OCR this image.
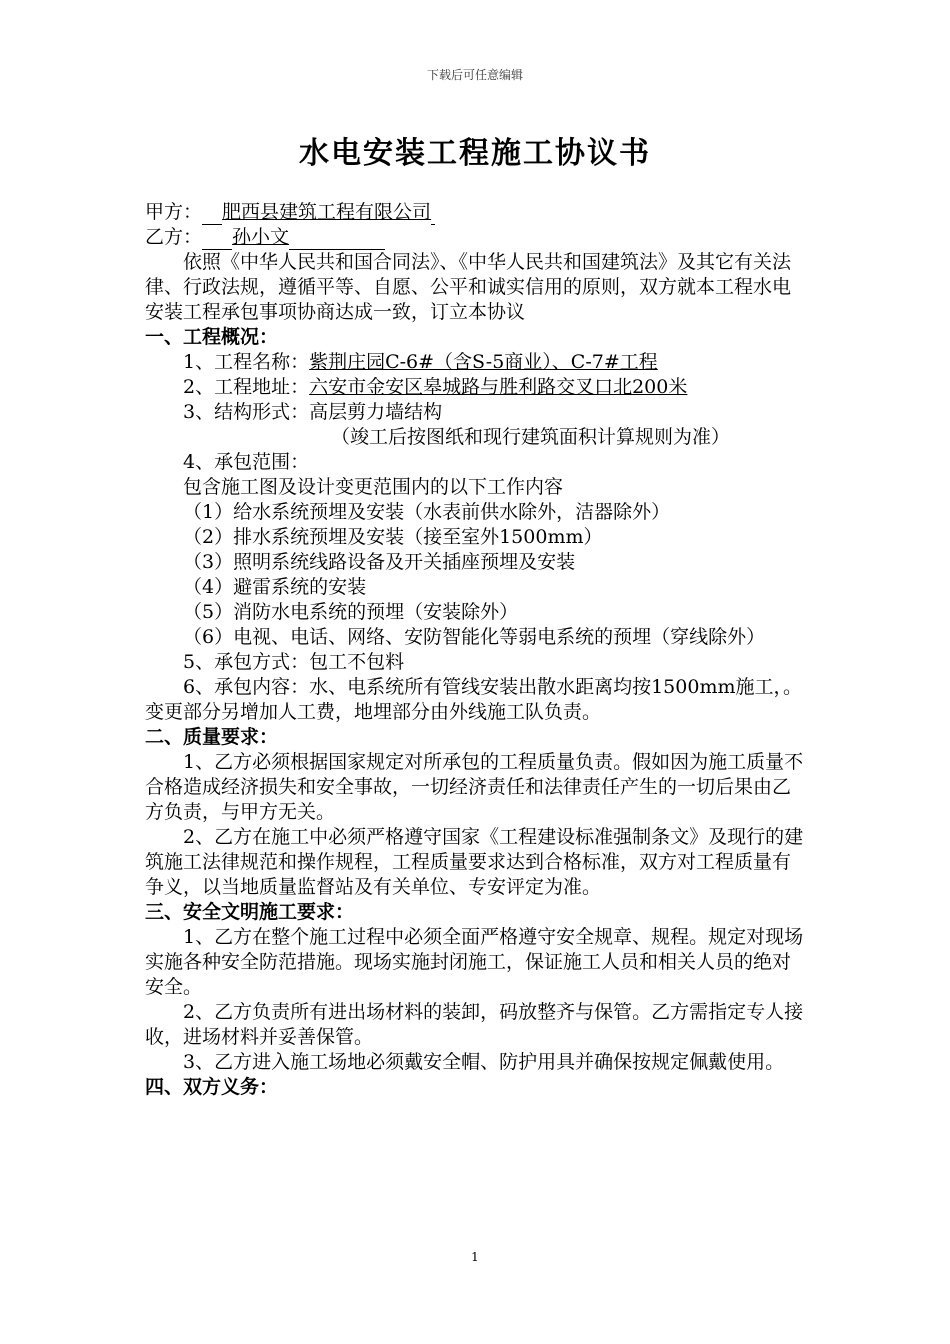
下载后可任意编辑
水电安装工程施工协议书

甲方： 肥西县建筑工程有限公司

乙方： 孙小文

依照《中华人民共和国合同法》、《中华人民共和国建筑法》及其它有关法律、行政法规，遵循平等、自愿、公平和诚实信用的原则，双方就本工程水电安装工程承包事项协商达成一致，订立本协议

一、工程概况：

1、工程名称：紫荆庄园C-6#（含S-5商业）、C-7#工程

2、工程地址：六安市金安区皋城路与胜利路交叉口北200米

3、结构形式：高层剪力墙结构

（竣工后按图纸和现行建筑面积计算规则为准）

4、承包范围：

包含施工图及设计变更范围内的以下工作内容

（1）给水系统预埋及安装（水表前供水除外，洁器除外）

（2）排水系统预埋及安装（接至室外1500mm）

（3）照明系统线路设备及开关插座预埋及安装

（4）避雷系统的安装

（5）消防水电系统的预埋（安装除外）

（6）电视、电话、网络、安防智能化等弱电系统的预埋（穿线除外）

5、承包方式：包工不包料

6、承包内容：水、电系统所有管线安装出散水距离均按1500mm施工，。变更部分另增加人工费，地埋部分由外线施工队负责。

二、质量要求：

1、乙方必须根据国家规定对所承包的工程质量负责。假如因为施工质量不合格造成经济损失和安全事故，一切经济责任和法律责任产生的一切后果由乙方负责，与甲方无关。

2、乙方在施工中必须严格遵守国家《工程建设标准强制条文》及现行的建筑施工法律规范和操作规程，工程质量要求达到合格标准，双方对工程质量有争义，以当地质量监督站及有关单位、专安评定为准。

三、安全文明施工要求：

1、乙方在整个施工过程中必须全面严格遵守安全规章、规程。规定对现场实施各种安全防范措施。现场实施封闭施工，保证施工人员和相关人员的绝对安全。

2、乙方负责所有进出场材料的装卸，码放整齐与保管。乙方需指定专人接收，进场材料并妥善保管。

3、乙方进入施工场地必须戴安全帽、防护用具并确保按规定佩戴使用。

四、双方义务：

1
